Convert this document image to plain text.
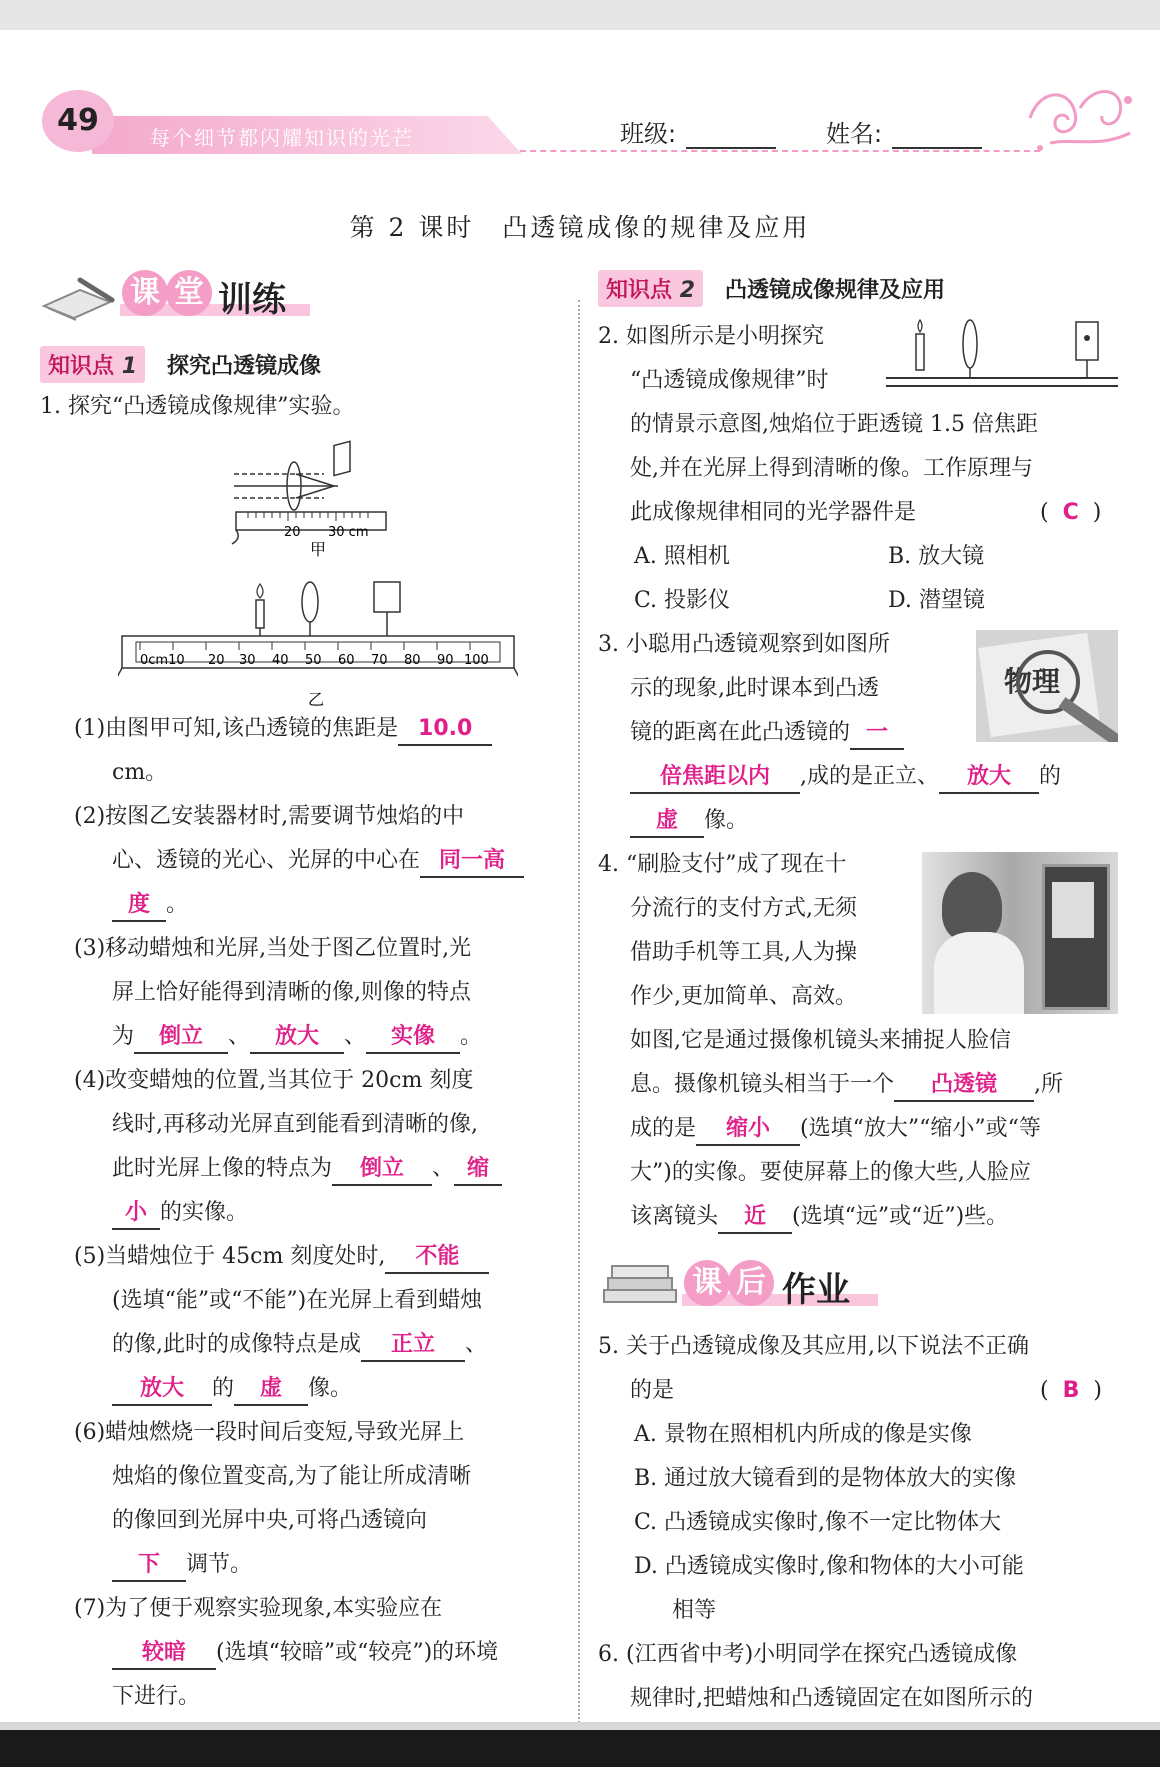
49	每个细节都闪耀知识的光芒	班级:	姓名:
第 2 课时　凸透镜成像的规律及应用
课 堂 训练
知识点 1 探究凸透镜成像
1. 探究“凸透镜成像规律”实验。
20 30 cm
甲
0cm10 20 30 40 50 60 70 80 90 100
乙
(1)由图甲可知,该凸透镜的焦距是 10.0
cm。
(2)按图乙安装器材时,需要调节烛焰的中
心、透镜的光心、光屏的中心在 同一高
度 。
(3)移动蜡烛和光屏,当处于图乙位置时,光
屏上恰好能得到清晰的像,则像的特点
为 倒立 、 放大 、 实像 。
(4)改变蜡烛的位置,当其位于 20cm 刻度
线时,再移动光屏直到能看到清晰的像,
此时光屏上像的特点为 倒立 、 缩
小 的实像。
(5)当蜡烛位于 45cm 刻度处时, 不能
(选填“能”或“不能”)在光屏上看到蜡烛
的像,此时的成像特点是成 正立 、
放大 的 虚 像。
(6)蜡烛燃烧一段时间后变短,导致光屏上
烛焰的像位置变高,为了能让所成清晰
的像回到光屏中央,可将凸透镜向
下 调节。
(7)为了便于观察实验现象,本实验应在
较暗 (选填“较暗”或“较亮”)的环境
下进行。
知识点 2 凸透镜成像规律及应用
2. 如图所示是小明探究
“凸透镜成像规律”时
的情景示意图,烛焰位于距透镜 1.5 倍焦距
处,并在光屏上得到清晰的像。工作原理与
此成像规律相同的光学器件是	( C )
A. 照相机	B. 放大镜
C. 投影仪	D. 潜望镜
3. 小聪用凸透镜观察到如图所
示的现象,此时课本到凸透
镜的距离在此凸透镜的 一
物理
倍焦距以内 ,成的是正立、 放大 的
虚 像。
4. “刷脸支付”成了现在十
分流行的支付方式,无须
借助手机等工具,人为操
作少,更加简单、高效。
如图,它是通过摄像机镜头来捕捉人脸信
息。摄像机镜头相当于一个 凸透镜 ,所
成的是 缩小 (选填“放大”“缩小”或“等
大”)的实像。要使屏幕上的像大些,人脸应
该离镜头 近 (选填“远”或“近”)些。
课 后 作业
5. 关于凸透镜成像及其应用,以下说法不正确
的是	( B )
A. 景物在照相机内所成的像是实像
B. 通过放大镜看到的是物体放大的实像
C. 凸透镜成实像时,像不一定比物体大
D. 凸透镜成实像时,像和物体的大小可能
相等
6. (江西省中考)小明同学在探究凸透镜成像
规律时,把蜡烛和凸透镜固定在如图所示的
